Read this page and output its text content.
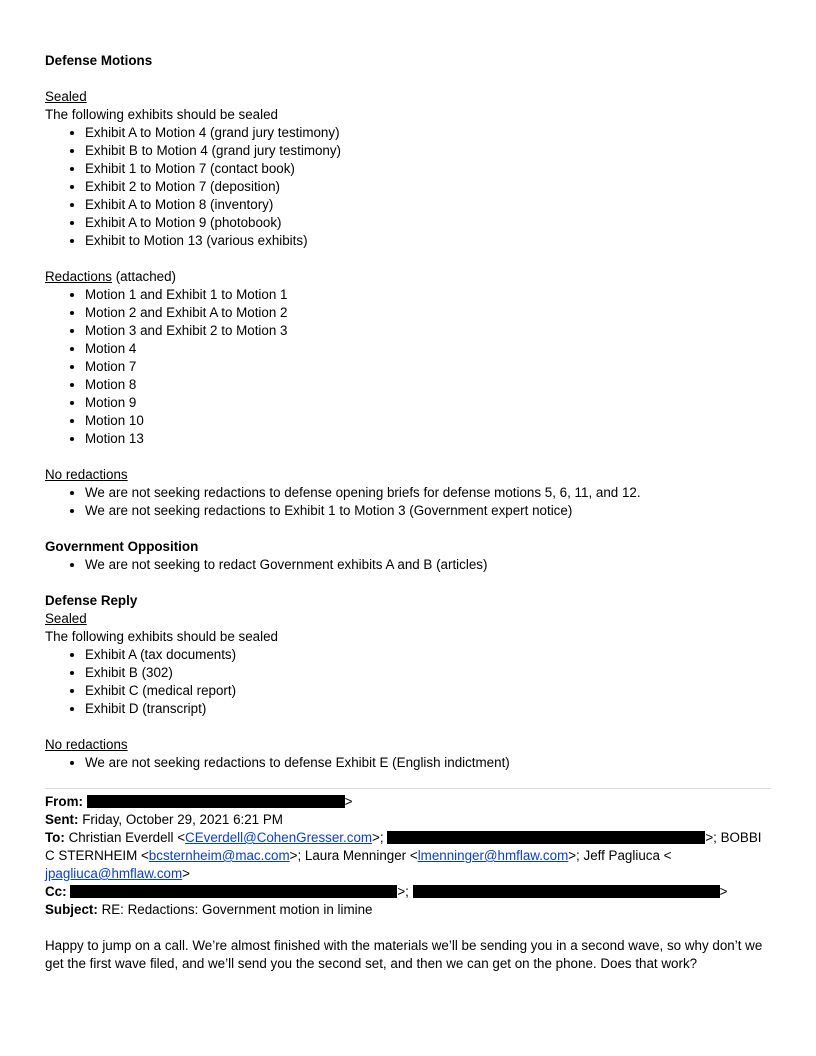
Defense Motions
Sealed
The following exhibits should be sealed
• Exhibit A to Motion 4 (grand jury testimony)
• Exhibit B to Motion 4 (grand jury testimony)
• Exhibit 1 to Motion 7 (contact book)
• Exhibit 2 to Motion 7 (deposition)
• Exhibit A to Motion 8 (inventory)
• Exhibit A to Motion 9 (photobook)
• Exhibit to Motion 13 (various exhibits)
Redactions (attached)
• Motion 1 and Exhibit 1 to Motion 1
• Motion 2 and Exhibit A to Motion 2
• Motion 3 and Exhibit 2 to Motion 3
• Motion 4
• Motion 7
• Motion 8
• Motion 9
• Motion 10
• Motion 13
No redactions
• We are not seeking redactions to defense opening briefs for defense motions 5, 6, 11, and 12.
• We are not seeking redactions to Exhibit 1 to Motion 3 (Government expert notice)
Government Opposition
• We are not seeking to redact Government exhibits A and B (articles)
Defense Reply
Sealed
The following exhibits should be sealed
• Exhibit A (tax documents)
• Exhibit B (302)
• Exhibit C (medical report)
• Exhibit D (transcript)
No redactions
• We are not seeking redactions to defense Exhibit E (English indictment)
From:	>
Sent: Friday, October 29, 2021 6:21 PM
To: Christian Everdell <CEverdell@CohenGresser.com>;	>; BOBBI C STERNHEIM <bcsternheim@mac.com>; Laura Menninger <lmenninger@hmflaw.com>; Jeff Pagliuca <
jpagliuca@hmflaw.com>
Cc:	>;	>
Subject: RE: Redactions: Government motion in limine
Happy to jump on a call. We’re almost finished with the materials we’ll be sending you in a second wave, so why don’t we get the first wave filed, and we’ll send you the second set, and then we can get on the phone. Does that work?
